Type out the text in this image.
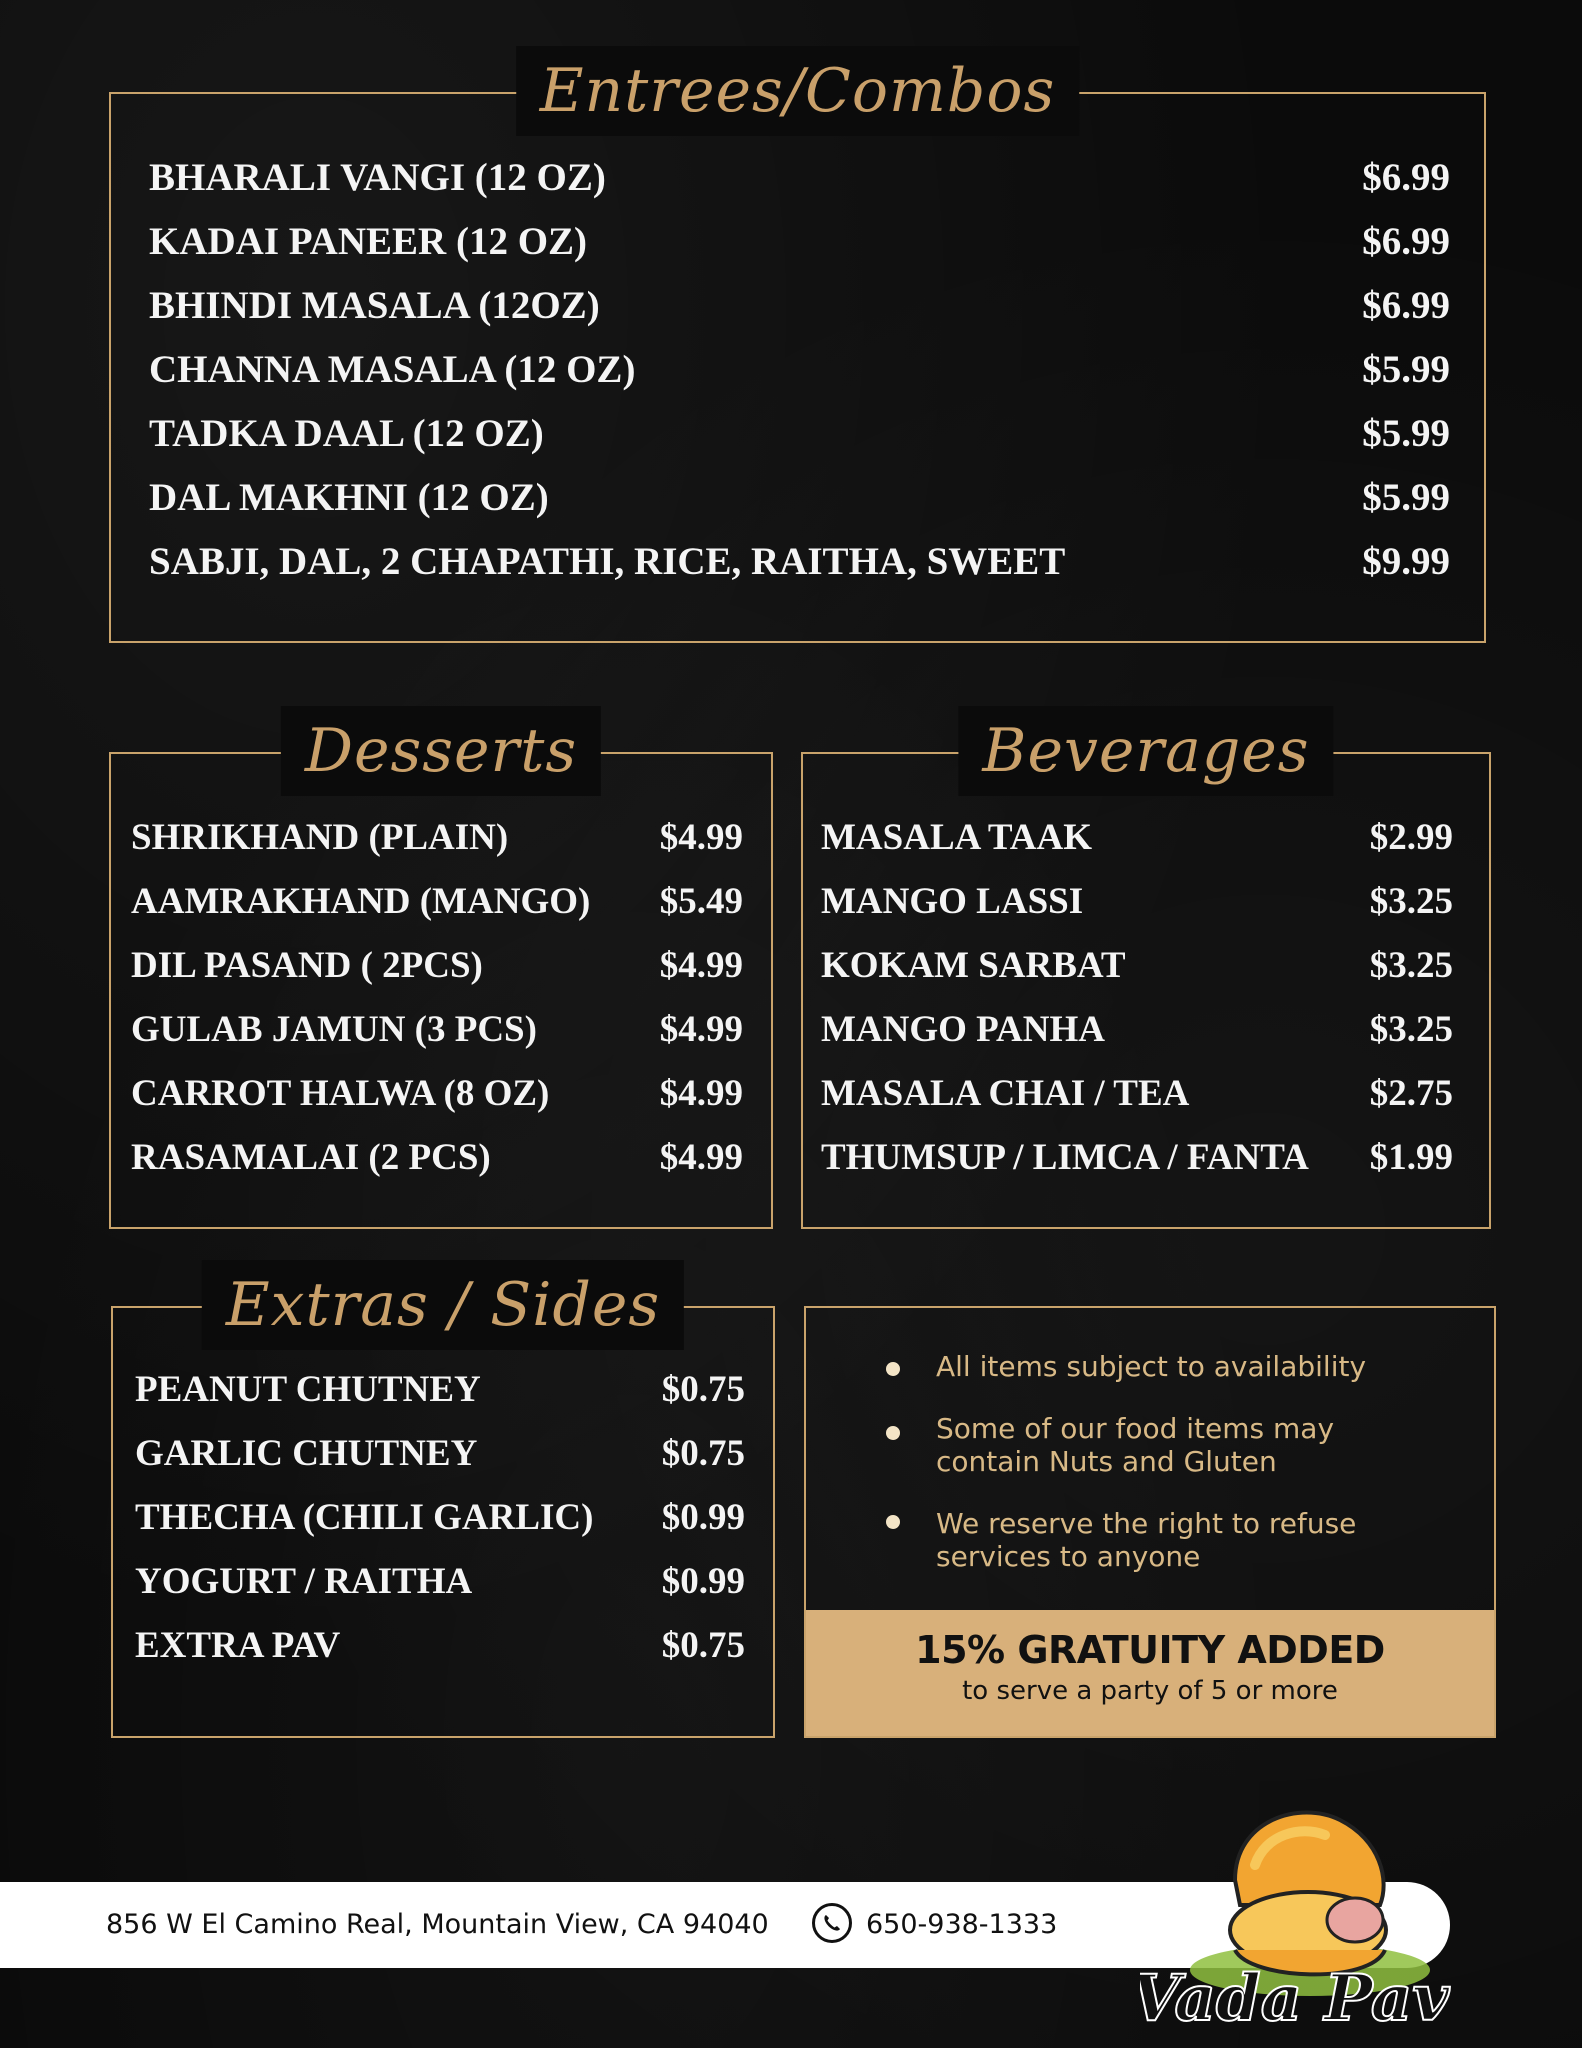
Entrees/Combos
BHARALI VANGI (12 OZ)	$6.99
KADAI PANEER (12 OZ)	$6.99
BHINDI MASALA (12OZ)	$6.99
CHANNA MASALA (12 OZ)	$5.99
TADKA DAAL (12 OZ)	$5.99
DAL MAKHNI (12 OZ)	$5.99
SABJI, DAL, 2 CHAPATHI, RICE, RAITHA, SWEET	$9.99
Desserts
SHRIKHAND (PLAIN)	$4.99
AAMRAKHAND (MANGO) $5.49
DIL PASAND ( 2PCS)	$4.99
GULAB JAMUN (3 PCS)	$4.99
CARROT HALWA (8 OZ)	$4.99
RASAMALAI (2 PCS)	$4.99
Beverages
MASALA TAAK	$2.99
MANGO LASSI	$3.25
KOKAM SARBAT	$3.25
MANGO PANHA	$3.25
MASALA CHAI / TEA	$2.75
THUMSUP / LIMCA / FANTA $1.99
Extras / Sides
PEANUT CHUTNEY	$0.75
GARLIC CHUTNEY	$0.75
THECHA (CHILI GARLIC) $0.99
YOGURT / RAITHA	$0.99
EXTRA PAV	$0.75
All items subject to availability
Some of our food items may contain Nuts and Gluten
We reserve the right to refuse services to anyone
15% GRATUITY ADDED
to serve a party of 5 or more
856 W El Camino Real, Mountain View, CA 94040	650-938-1333
Vada Pav
